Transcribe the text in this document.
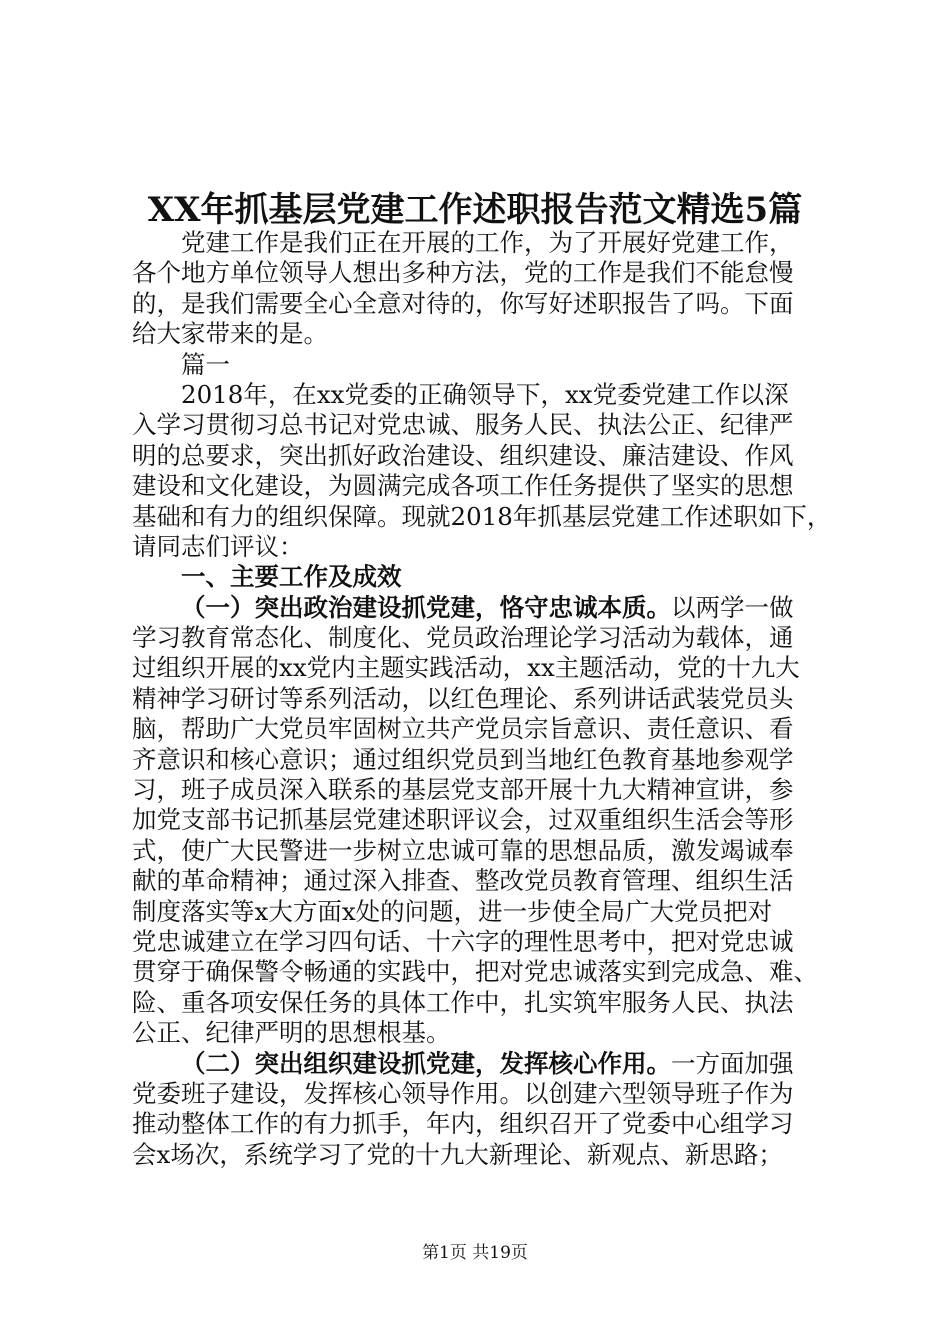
XX年抓基层党建工作述职报告范文精选5篇
党建工作是我们正在开展的工作，为了开展好党建工作，
各个地方单位领导人想出多种方法，党的工作是我们不能怠慢
的，是我们需要全心全意对待的，你写好述职报告了吗。下面
给大家带来的是。
篇一
2018年，在xx党委的正确领导下，xx党委党建工作以深
入学习贯彻习总书记对党忠诚、服务人民、执法公正、纪律严
明的总要求，突出抓好政治建设、组织建设、廉洁建设、作风
建设和文化建设，为圆满完成各项工作任务提供了坚实的思想
基础和有力的组织保障。现就2018年抓基层党建工作述职如下，
请同志们评议：
一、主要工作及成效
（一）突出政治建设抓党建，恪守忠诚本质。以两学一做
学习教育常态化、制度化、党员政治理论学习活动为载体，通
过组织开展的xx党内主题实践活动，xx主题活动，党的十九大
精神学习研讨等系列活动，以红色理论、系列讲话武装党员头
脑，帮助广大党员牢固树立共产党员宗旨意识、责任意识、看
齐意识和核心意识；通过组织党员到当地红色教育基地参观学
习，班子成员深入联系的基层党支部开展十九大精神宣讲，参
加党支部书记抓基层党建述职评议会，过双重组织生活会等形
式，使广大民警进一步树立忠诚可靠的思想品质，激发竭诚奉
献的革命精神；通过深入排查、整改党员教育管理、组织生活
制度落实等x大方面x处的问题，进一步使全局广大党员把对
党忠诚建立在学习四句话、十六字的理性思考中，把对党忠诚
贯穿于确保警令畅通的实践中，把对党忠诚落实到完成急、难、
险、重各项安保任务的具体工作中，扎实筑牢服务人民、执法
公正、纪律严明的思想根基。
（二）突出组织建设抓党建，发挥核心作用。一方面加强
党委班子建设，发挥核心领导作用。以创建六型领导班子作为
推动整体工作的有力抓手，年内，组织召开了党委中心组学习
会x场次，系统学习了党的十九大新理论、新观点、新思路；
第1页 共19页
